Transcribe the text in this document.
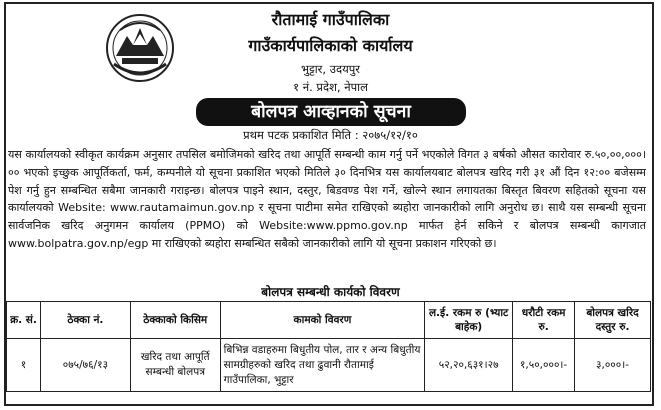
रौतामाई गाउँपालिका
गाउँकार्यपालिकाको कार्यालय
भुट्टार, उदयपुर
१ नं. प्रदेश, नेपाल
बोलपत्र आव्हानको सूचना
प्रथम पटक प्रकाशित मिति : २०७५/१२/१०

यस कार्यालयको स्वीकृत कार्यक्रम अनुसार तपसिल बमोजिमको खरिद तथा आपूर्ति सम्बन्धी काम गर्नु पर्ने भएकोले विगत ३ बर्षको औसत कारोवार रु.५०,००,०००।०० भएको इच्छुक आपूर्तिकर्ता, फर्म, कम्पनीले यो सूचना प्रकाशित भएको मितिले ३० दिनभित्र यस कार्यालयबाट बोलपत्र खरिद गरी ३१ औं दिन १२:०० बजेसम्म पेश गर्नु हुन सम्बन्धित सबैमा जानकारी गराइन्छ। बोलपत्र पाइने स्थान, दस्तुर, बिडवण्ड पेश गर्ने, खोल्ने स्थान लगायतका बिस्तृत बिवरण सहितको सूचना यस कार्यालयको Website: www.rautamaimun.gov.np र सूचना पाटीमा समेत राखिएको ब्यहोरा जानकारीको लागि अनुरोध छ। साथै यस सम्बन्धी सूचना सार्वजनिक खरिद अनुगमन कार्यालय (PPMO) को Website:www.ppmo.gov.np मार्फत हेर्न सकिने र बोलपत्र सम्बन्धी कागजात www.bolpatra.gov.np/egp मा राखिएको ब्यहोरा सम्बन्धित सबैको जानकारीको लागि यो सूचना प्रकाशन गरिएको छ।

बोलपत्र सम्बन्धी कार्यको विवरण
क्र. सं.	ठेक्का नं.	ठेक्काको किसिम	कामको विवरण	ल.ई. रकम रु (भ्याट बाहेक)	धरौटी रकम रु.	बोलपत्र खरिद दस्तुर रु.
१	०७५/७६/१३	खरिद तथा आपूर्ति सम्बन्धी बोलपत्र	बिभिन्न वडाहरुमा बिधुतीय पोल, तार र अन्य बिधुतीय सामग्रीहरुको खरिद तथा ढुवानी रौतामाई गाउँपालिका, भुट्टार	५२,२०,६३१।२७	१,५०,०००।-	३,०००।-
